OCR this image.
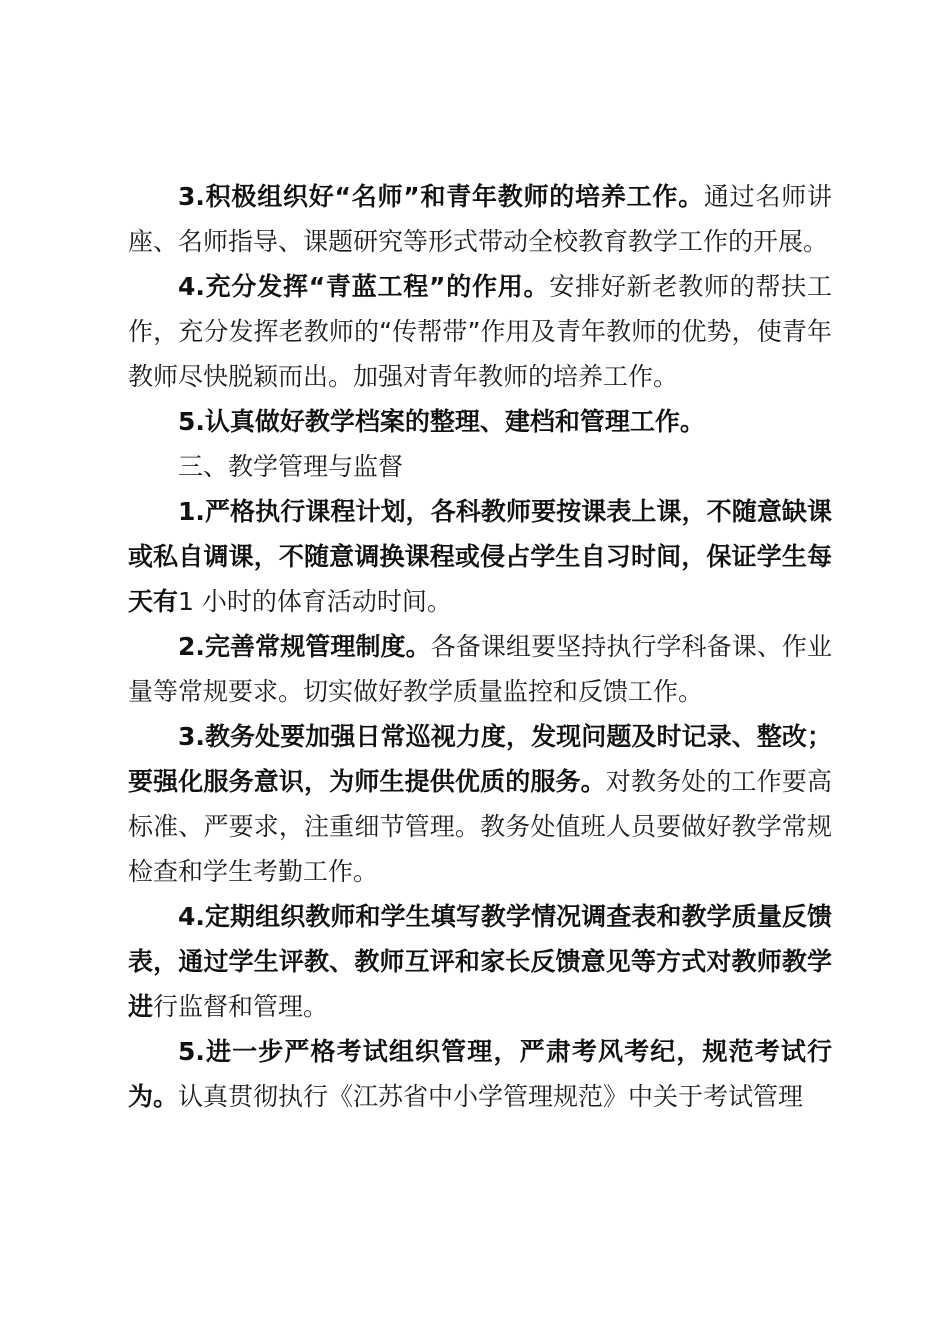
3.积极组织好“名师”和青年教师的培养工作。通过名师讲座、名师指导、课题研究等形式带动全校教育教学工作的开展。

4.充分发挥“青蓝工程”的作用。安排好新老教师的帮扶工作，充分发挥老教师的“传帮带”作用及青年教师的优势，使青年教师尽快脱颖而出。加强对青年教师的培养工作。

5.认真做好教学档案的整理、建档和管理工作。

三、教学管理与监督

1.严格执行课程计划，各科教师要按课表上课，不随意缺课或私自调课，不随意调换课程或侵占学生自习时间，保证学生每天有1 小时的体育活动时间。

2.完善常规管理制度。各备课组要坚持执行学科备课、作业量等常规要求。切实做好教学质量监控和反馈工作。

3.教务处要加强日常巡视力度，发现问题及时记录、整改；要强化服务意识，为师生提供优质的服务。对教务处的工作要高标准、严要求，注重细节管理。教务处值班人员要做好教学常规检查和学生考勤工作。

4.定期组织教师和学生填写教学情况调查表和教学质量反馈表，通过学生评教、教师互评和家长反馈意见等方式对教师教学进行监督和管理。

5.进一步严格考试组织管理，严肃考风考纪，规范考试行为。认真贯彻执行《江苏省中小学管理规范》中关于考试管理
